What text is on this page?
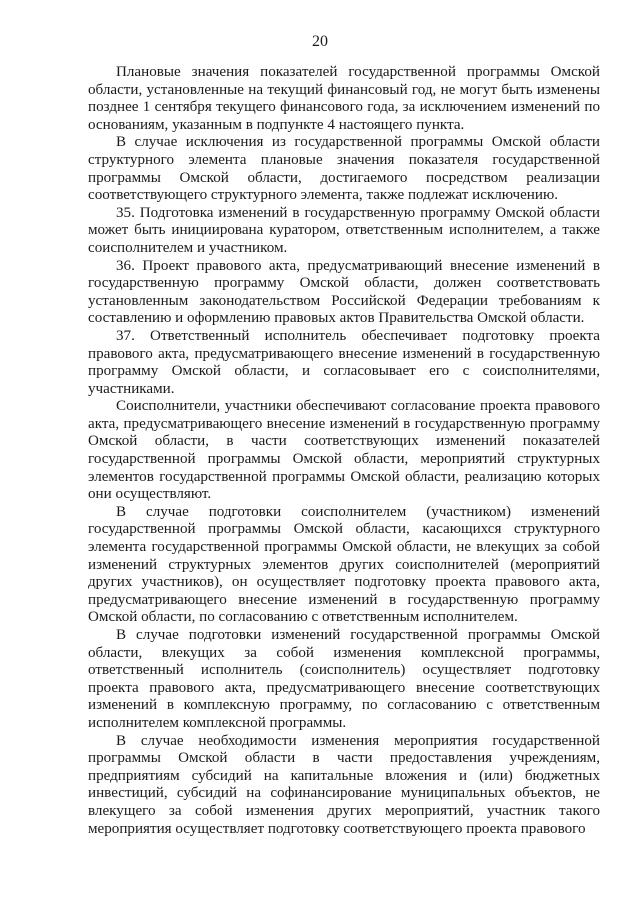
20

Плановые значения показателей государственной программы Омской области, установленные на текущий финансовый год, не могут быть изменены позднее 1 сентября текущего финансового года, за исключением изменений по основаниям, указанным в подпункте 4 настоящего пункта.

В случае исключения из государственной программы Омской области структурного элемента плановые значения показателя государственной программы Омской области, достигаемого посредством реализации соответствующего структурного элемента, также подлежат исключению.

35. Подготовка изменений в государственную программу Омской области может быть инициирована куратором, ответственным исполнителем, а также соисполнителем и участником.

36. Проект правового акта, предусматривающий внесение изменений в государственную программу Омской области, должен соответствовать установленным законодательством Российской Федерации требованиям к составлению и оформлению правовых актов Правительства Омской области.

37. Ответственный исполнитель обеспечивает подготовку проекта правового акта, предусматривающего внесение изменений в государственную программу Омской области, и согласовывает его с соисполнителями, участниками.

Соисполнители, участники обеспечивают согласование проекта правового акта, предусматривающего внесение изменений в государственную программу Омской области, в части соответствующих изменений показателей государственной программы Омской области, мероприятий структурных элементов государственной программы Омской области, реализацию которых они осуществляют.

В случае подготовки соисполнителем (участником) изменений государственной программы Омской области, касающихся структурного элемента государственной программы Омской области, не влекущих за собой изменений структурных элементов других соисполнителей (мероприятий других участников), он осуществляет подготовку проекта правового акта, предусматривающего внесение изменений в государственную программу Омской области, по согласованию с ответственным исполнителем.

В случае подготовки изменений государственной программы Омской области, влекущих за собой изменения комплексной программы, ответственный исполнитель (соисполнитель) осуществляет подготовку проекта правового акта, предусматривающего внесение соответствующих изменений в комплексную программу, по согласованию с ответственным исполнителем комплексной программы.

В случае необходимости изменения мероприятия государственной программы Омской области в части предоставления учреждениям, предприятиям субсидий на капитальные вложения и (или) бюджетных инвестиций, субсидий на софинансирование муниципальных объектов, не влекущего за собой изменения других мероприятий, участник такого мероприятия осуществляет подготовку соответствующего проекта правового
